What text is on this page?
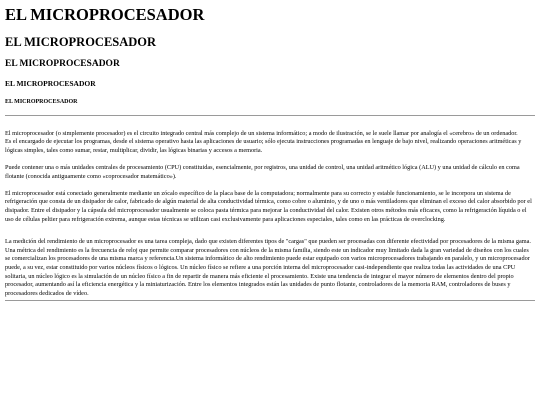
EL MICROPROCESADOR
EL MICROPROCESADOR
EL MICROPROCESADOR
EL MICROPROCESADOR
EL MICROPROCESADOR

El microprocesador (o simplemente procesador) es el circuito integrado central más complejo de un sistema informático; a modo de ilustración, se le suele llamar por analogía el «cerebro» de un ordenador.

Es el encargado de ejecutar los programas, desde el sistema operativo hasta las aplicaciones de usuario; sólo ejecuta instrucciones programadas en lenguaje de bajo nivel, realizando operaciones aritméticas y lógicas simples, tales como sumar, restar, multiplicar, dividir, las lógicas binarias y accesos a memoria.

Puede contener una o más unidades centrales de procesamiento (CPU) constituidas, esencialmente, por registros, una unidad de control, una unidad aritmético lógica (ALU) y una unidad de cálculo en coma flotante (conocida antiguamente como «coprocesador matemático»).

El microprocesador está conectado generalmente mediante un zócalo específico de la placa base de la computadora; normalmente para su correcto y estable funcionamiento, se le incorpora un sistema de refrigeración que consta de un disipador de calor, fabricado de algún material de alta conductividad térmica, como cobre o aluminio, y de uno o más ventiladores que eliminan el exceso del calor absorbido por el disipador. Entre el disipador y la cápsula del microprocesador usualmente se coloca pasta térmica para mejorar la conductividad del calor. Existen otros métodos más eficaces, como la refrigeración líquida o el uso de células peltier para refrigeración extrema, aunque estas técnicas se utilizan casi exclusivamente para aplicaciones especiales, tales como en las prácticas de overclocking.

La medición del rendimiento de un microprocesador es una tarea compleja, dado que existen diferentes tipos de "cargas" que pueden ser procesadas con diferente efectividad por procesadores de la misma gama. Una métrica del rendimiento es la frecuencia de reloj que permite comparar procesadores con núcleos de la misma familia, siendo este un indicador muy limitado dada la gran variedad de diseños con los cuales se comercializan los procesadores de una misma marca y referencia.Un sistema informático de alto rendimiento puede estar equipado con varios microprocesadores trabajando en paralelo, y un microprocesador puede, a su vez, estar constituido por varios núcleos físicos o lógicos. Un núcleo físico se refiere a una porción interna del microprocesador casi-independiente que realiza todas las actividades de una CPU solitaria, un núcleo lógico es la simulación de un núcleo físico a fin de repartir de manera más eficiente el procesamiento. Existe una tendencia de integrar el mayor número de elementos dentro del propio procesador, aumentando así la eficiencia energética y la miniaturización. Entre los elementos integrados están las unidades de punto flotante, controladores de la memoria RAM, controladores de buses y procesadores dedicados de vídeo.
